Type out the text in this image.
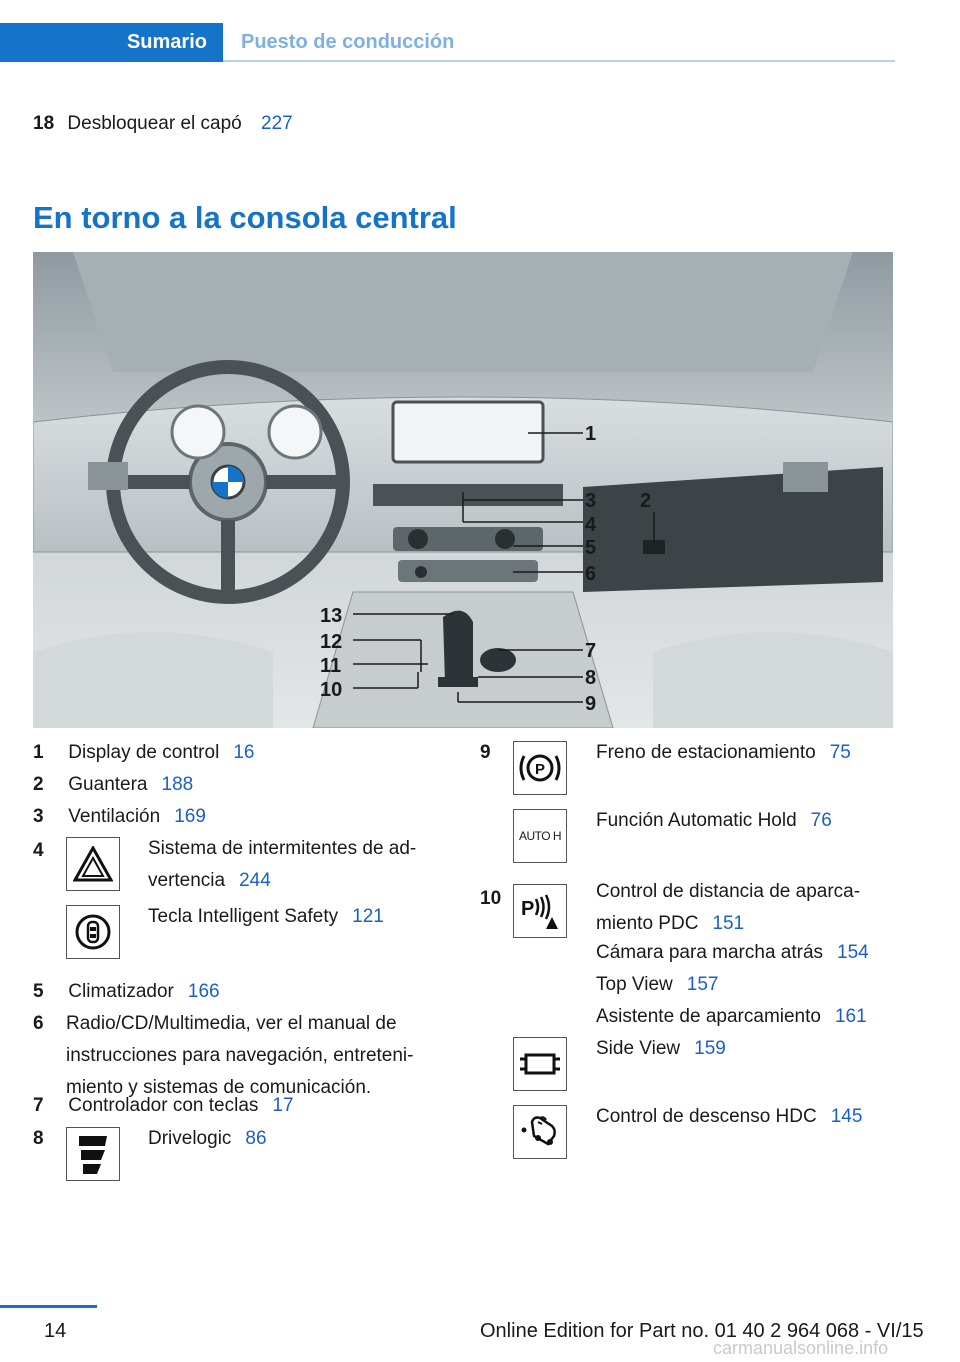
Sumario	Puesto de conducción
18 Desbloquear el capó 227
En torno a la consola central
1
2
3
4
5
6
7
8
9
10
11
12
13
1 Display de control 16
2 Guantera 188
3 Ventilación 169
4	Sistema de intermitentes de ad-
vertencia 244
Tecla Intelligent Safety 121
5 Climatizador 166
6 Radio/CD/Multimedia, ver el manual de
instrucciones para navegación, entreteni-
miento y sistemas de comunicación.
7 Controlador con teclas 17
8	Drivelogic 86
9
P
Freno de estacionamiento 75
AUTO H
Función Automatic Hold 76
10 P
Control de distancia de aparca-
miento PDC 151
Cámara para marcha atrás 154
Top View 157
Asistente de aparcamiento 161
Side View 159
Control de descenso HDC 145
14	Online Edition for Part no. 01 40 2 964 068 - VI/15
carmanualsonline.info
